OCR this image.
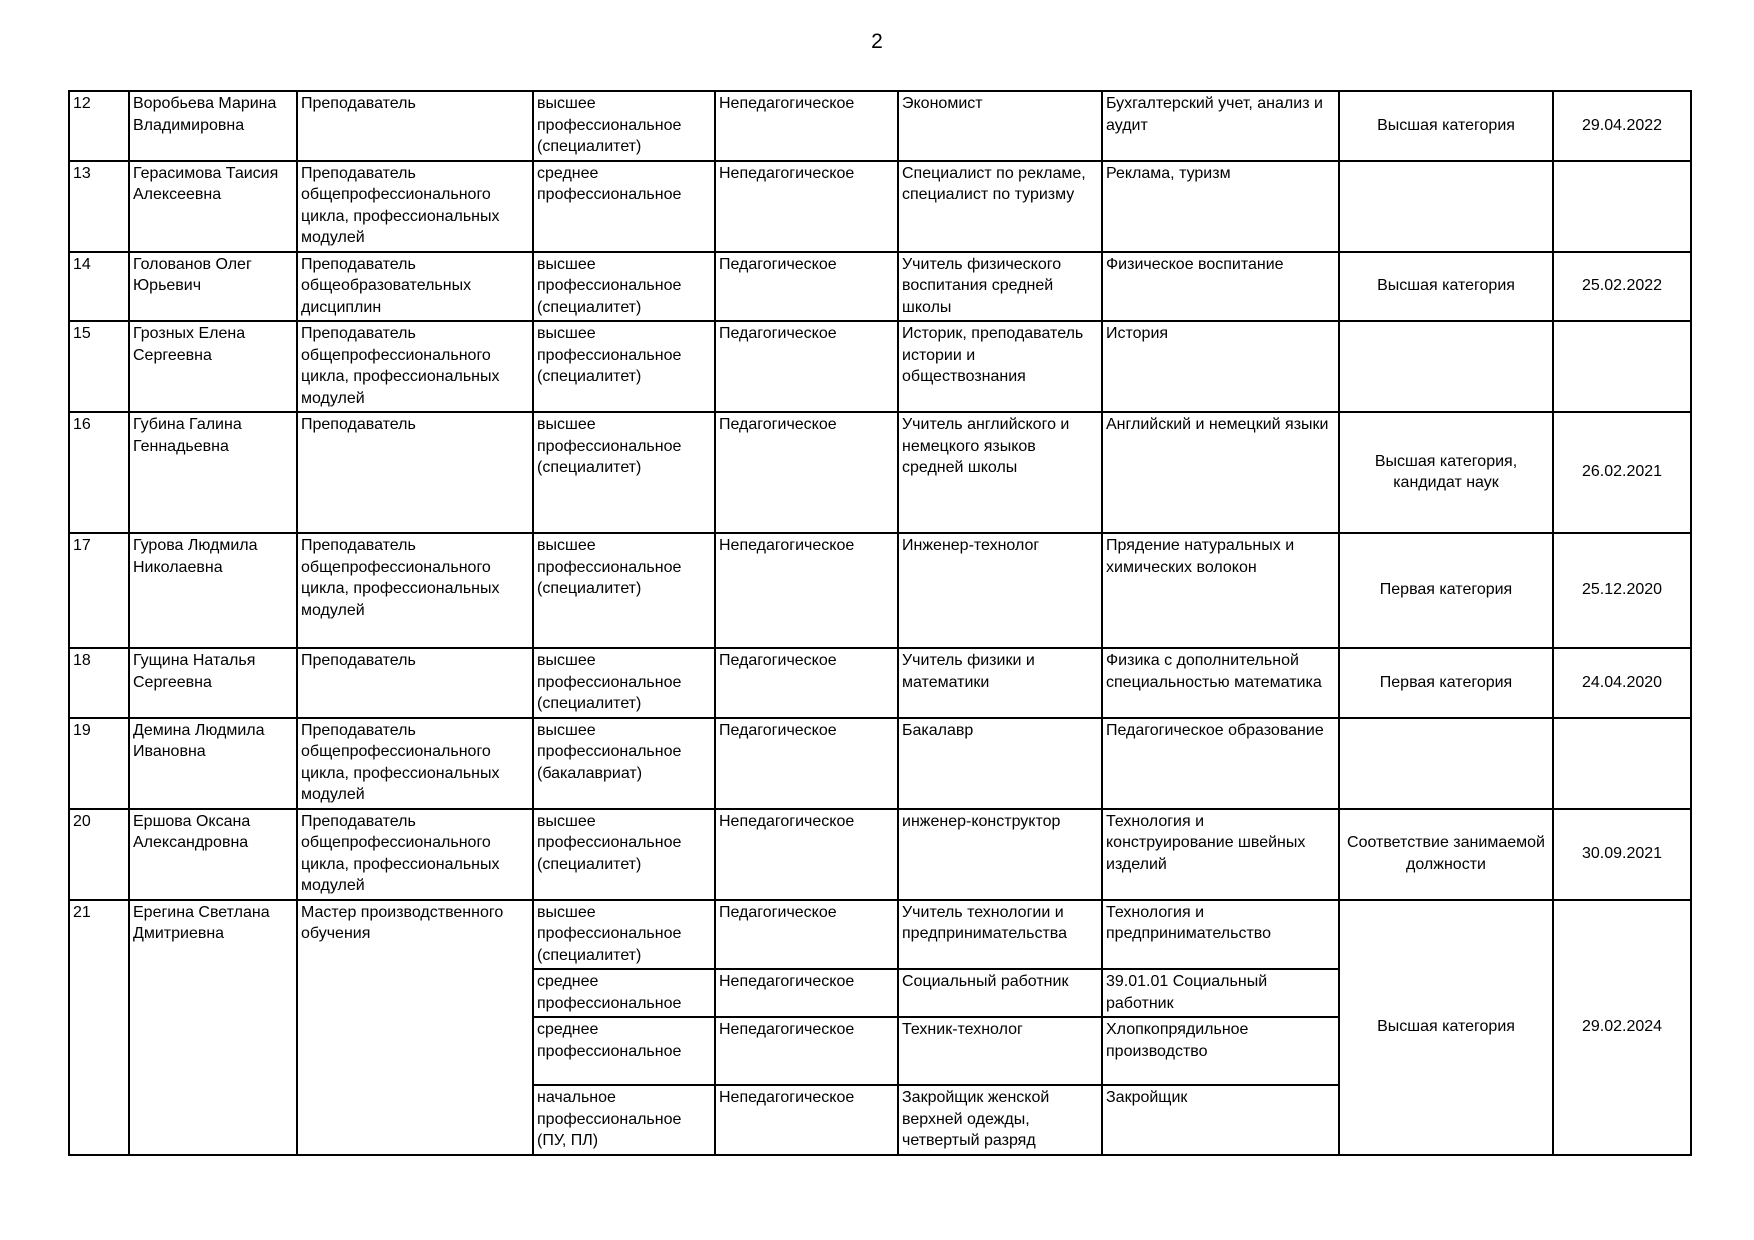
2
12	Воробьева Марина Владимировна	Преподаватель	высшее профессиональное (специалитет)	Непедагогическое	Экономист	Бухгалтерский учет, анализ и аудит	Высшая категория	29.04.2022
13	Герасимова Таисия Алексеевна	Преподаватель общепрофессионального цикла, профессиональных модулей	среднее профессиональное	Непедагогическое	Специалист по рекламе, специалист по туризму	Реклама, туризм		
14	Голованов Олег Юрьевич	Преподаватель общеобразовательных дисциплин	высшее профессиональное (специалитет)	Педагогическое	Учитель физического воспитания средней школы	Физическое воспитание	Высшая категория	25.02.2022
15	Грозных Елена Сергеевна	Преподаватель общепрофессионального цикла, профессиональных модулей	высшее профессиональное (специалитет)	Педагогическое	Историк, преподаватель истории и обществознания	История		
16	Губина Галина Геннадьевна	Преподаватель	высшее профессиональное (специалитет)	Педагогическое	Учитель английского и немецкого языков средней школы	Английский и немецкий языки	Высшая категория, кандидат наук	26.02.2021
17	Гурова Людмила Николаевна	Преподаватель общепрофессионального цикла, профессиональных модулей	высшее профессиональное (специалитет)	Непедагогическое	Инженер-технолог	Прядение натуральных и химических волокон	Первая категория	25.12.2020
18	Гущина Наталья Сергеевна	Преподаватель	высшее профессиональное (специалитет)	Педагогическое	Учитель физики и математики	Физика с дополнительной специальностью математика	Первая категория	24.04.2020
19	Демина Людмила Ивановна	Преподаватель общепрофессионального цикла, профессиональных модулей	высшее профессиональное (бакалавриат)	Педагогическое	Бакалавр	Педагогическое образование		
20	Ершова Оксана Александровна	Преподаватель общепрофессионального цикла, профессиональных модулей	высшее профессиональное (специалитет)	Непедагогическое	инженер-конструктор	Технология и конструирование швейных изделий	Соответствие занимаемой должности	30.09.2021
21	Ерегина Светлана Дмитриевна	Мастер производственного обучения	высшее профессиональное (специалитет)	Педагогическое	Учитель технологии и предпринимательства	Технология и предпринимательство	Высшая категория	29.02.2024
			среднее профессиональное	Непедагогическое	Социальный работник	39.01.01 Социальный работник		
			среднее профессиональное	Непедагогическое	Техник-технолог	Хлопкопрядильное производство		
			начальное профессиональное (ПУ, ПЛ)	Непедагогическое	Закройщик женской верхней одежды, четвертый разряд	Закройщик		
